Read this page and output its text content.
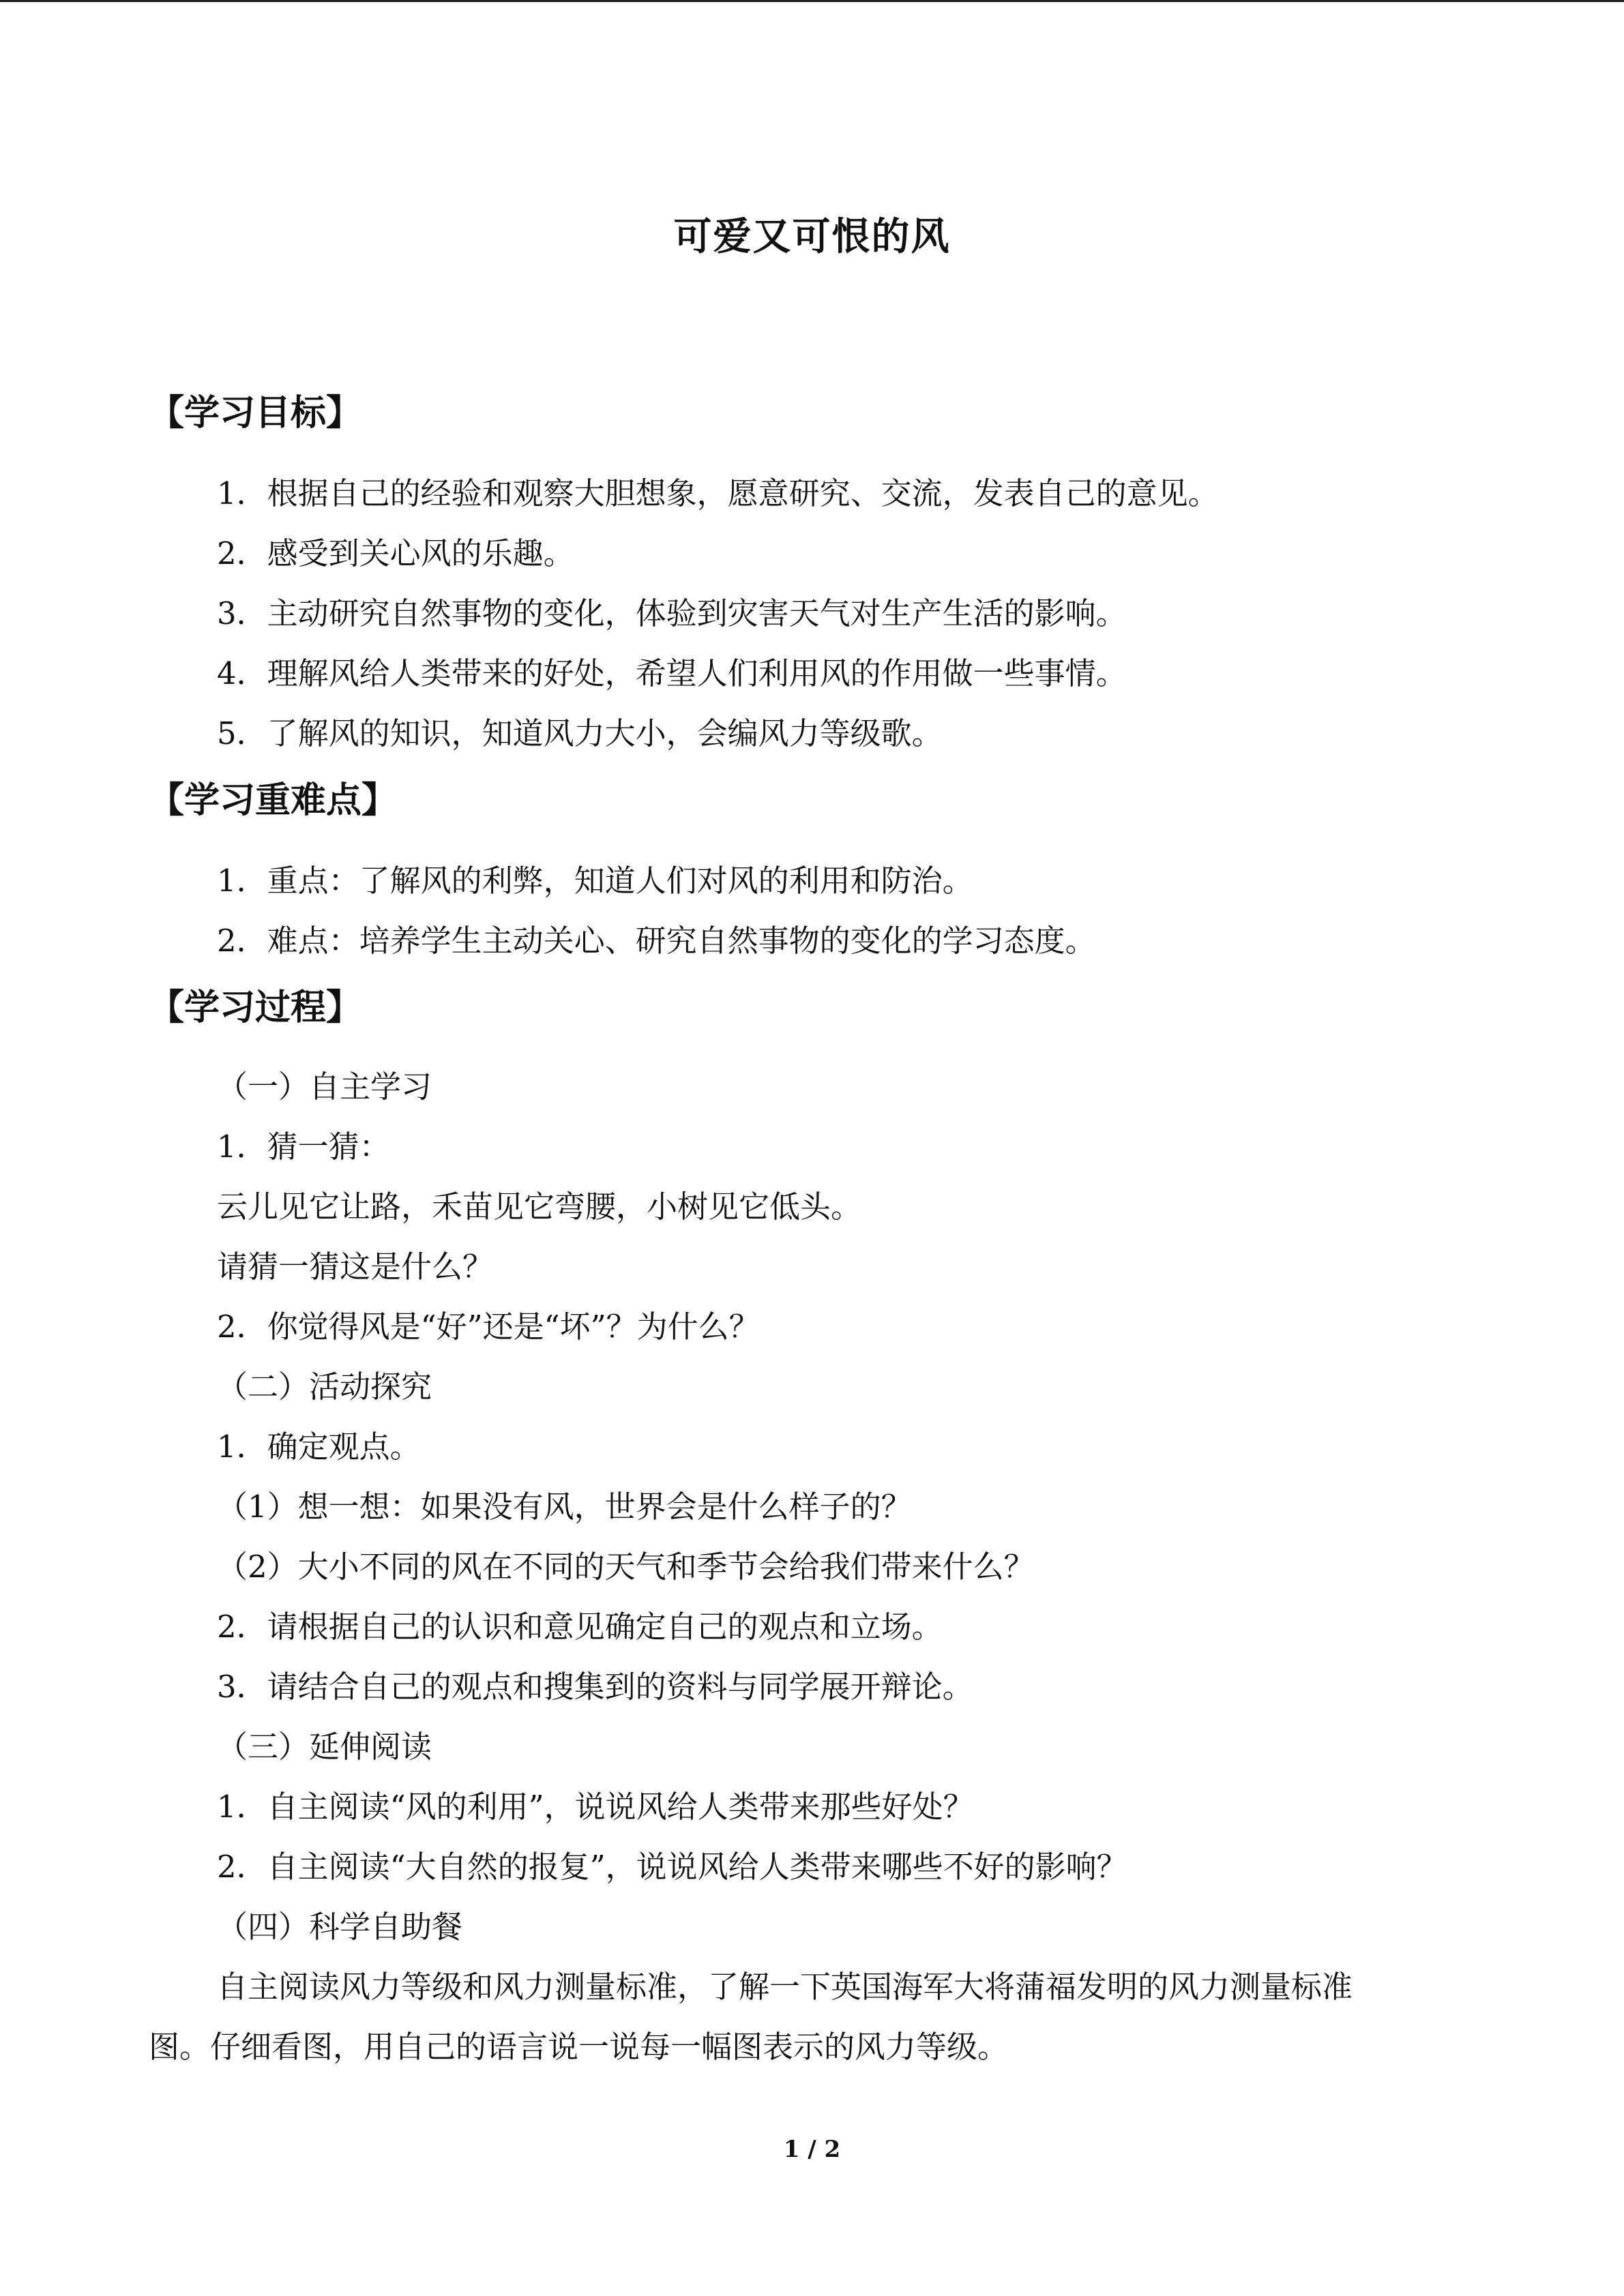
可爱又可恨的风
【学习目标】
1．根据自己的经验和观察大胆想象，愿意研究、交流，发表自己的意见。
2．感受到关心风的乐趣。
3．主动研究自然事物的变化，体验到灾害天气对生产生活的影响。
4．理解风给人类带来的好处，希望人们利用风的作用做一些事情。
5．了解风的知识，知道风力大小，会编风力等级歌。
【学习重难点】
1．重点：了解风的利弊，知道人们对风的利用和防治。
2．难点：培养学生主动关心、研究自然事物的变化的学习态度。
【学习过程】
（一）自主学习
1．猜一猜：
云儿见它让路，禾苗见它弯腰，小树见它低头。
请猜一猜这是什么？
2．你觉得风是“好”还是“坏”？为什么？
（二）活动探究
1．确定观点。
（1）想一想：如果没有风，世界会是什么样子的？
（2）大小不同的风在不同的天气和季节会给我们带来什么？
2．请根据自己的认识和意见确定自己的观点和立场。
3．请结合自己的观点和搜集到的资料与同学展开辩论。
（三）延伸阅读
1．自主阅读“风的利用”，说说风给人类带来那些好处？
2．自主阅读“大自然的报复”，说说风给人类带来哪些不好的影响？
（四）科学自助餐
自主阅读风力等级和风力测量标准，了解一下英国海军大将蒲福发明的风力测量标准
图。仔细看图，用自己的语言说一说每一幅图表示的风力等级。
1 / 2
